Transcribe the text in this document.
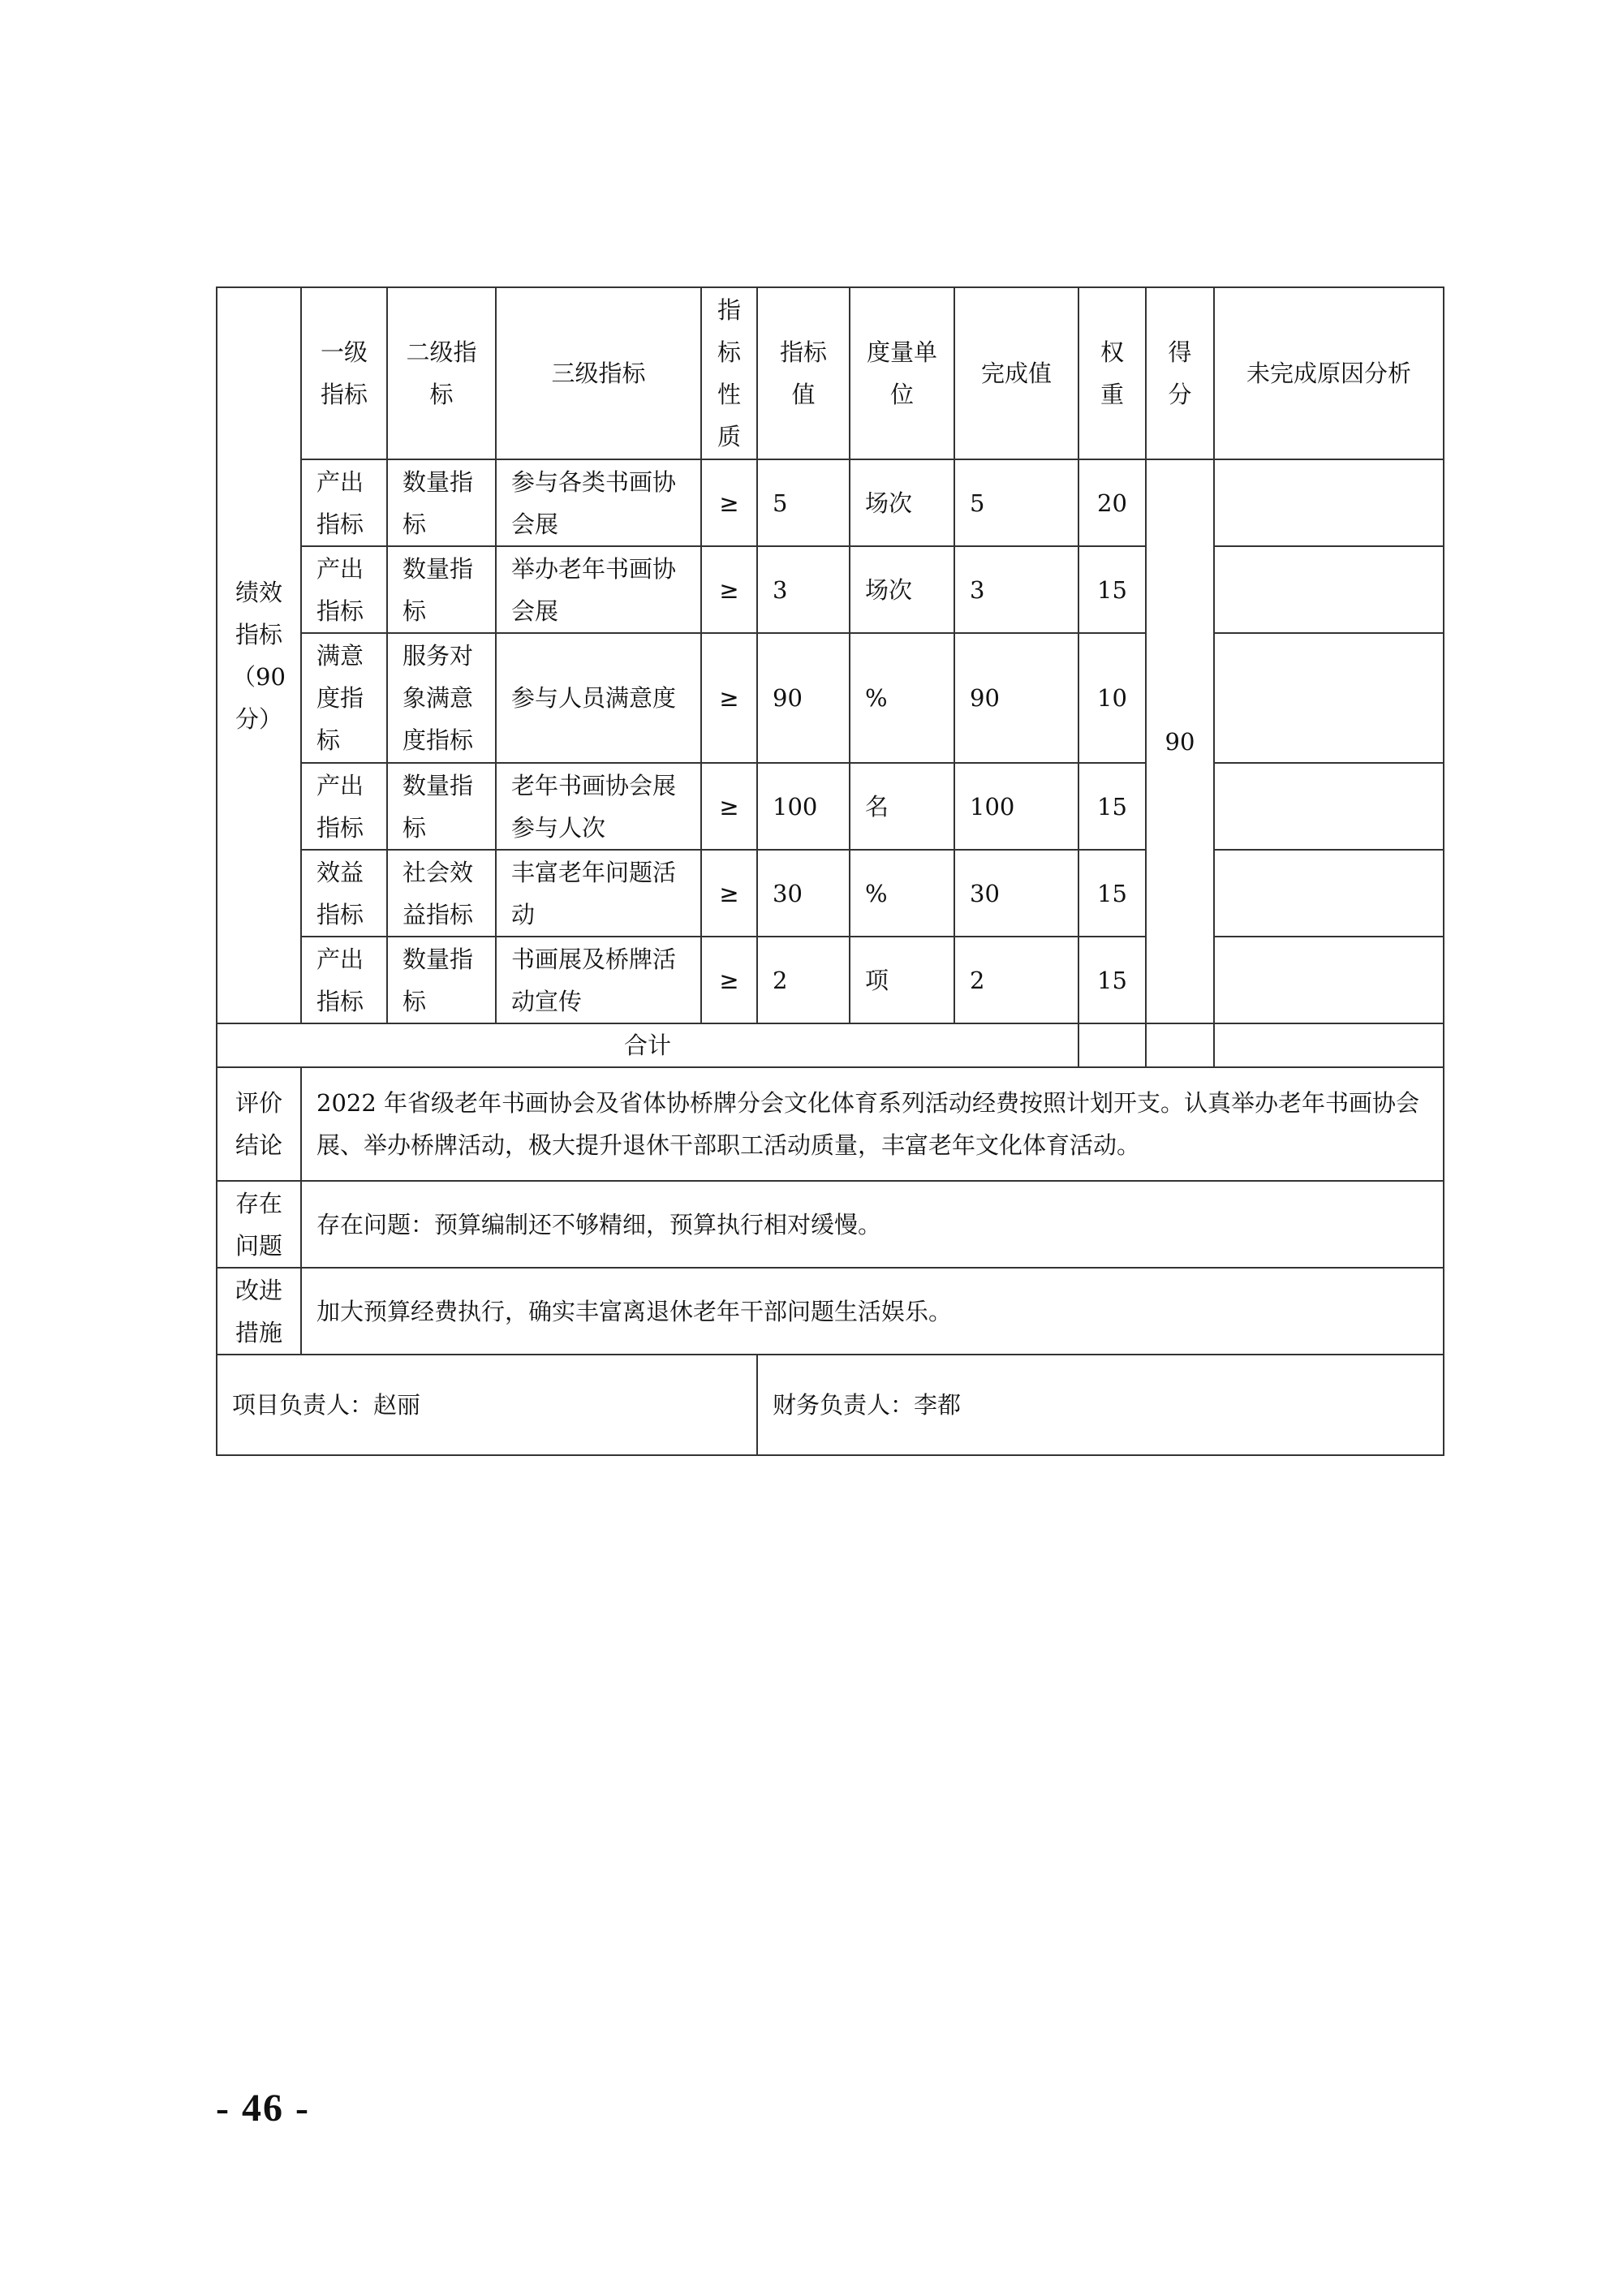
绩效指标（90分）	一级指标	二级指标	三级指标	指标性质	指标值	度量单位	完成值	权重	得分	未完成原因分析
	产出指标	数量指标	参与各类书画协会展	≥	5	场次	5	20	90	
	产出指标	数量指标	举办老年书画协会展	≥	3	场次	3	15		
	满意度指标	服务对象满意度指标	参与人员满意度	≥	90	%	90	10		
	产出指标	数量指标	老年书画协会展参与人次	≥	100	名	100	15		
	效益指标	社会效益指标	丰富老年问题活动	≥	30	%	30	15		
	产出指标	数量指标	书画展及桥牌活动宣传	≥	2	项	2	15		
合计										
评价结论	2022 年省级老年书画协会及省体协桥牌分会文化体育系列活动经费按照计划开支。认真举办老年书画协会展、举办桥牌活动，极大提升退休干部职工活动质量，丰富老年文化体育活动。									
存在问题	存在问题：预算编制还不够精细，预算执行相对缓慢。									
改进措施	加大预算经费执行，确实丰富离退休老年干部问题生活娱乐。									
项目负责人：赵丽					财务负责人：李都					
- 46 -
